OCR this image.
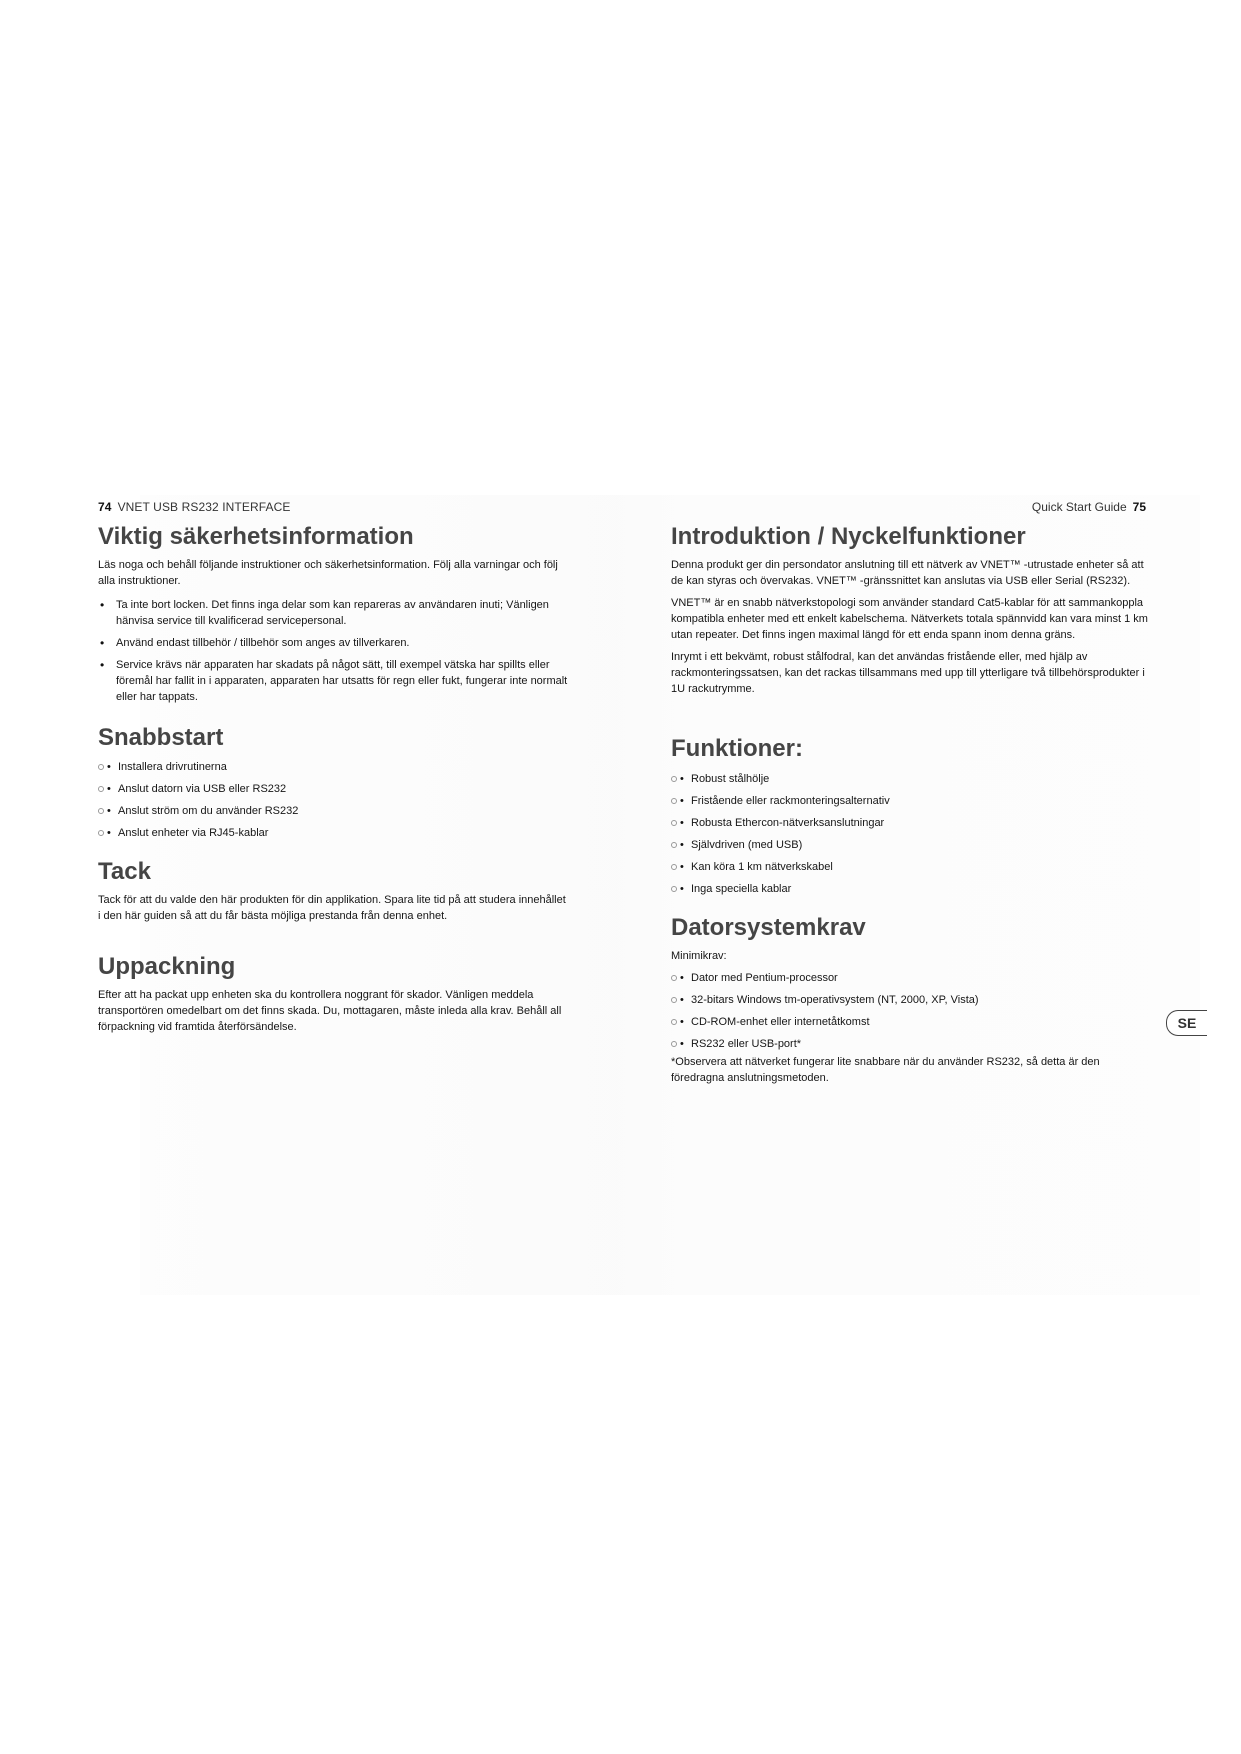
74 VNET USB RS232 INTERFACE	Quick Start Guide 75
Viktig säkerhetsinformation

Läs noga och behåll följande instruktioner och säkerhetsinformation. Följ alla varningar och följ alla instruktioner.

• Ta inte bort locken. Det finns inga delar som kan repareras av användaren inuti; Vänligen hänvisa service till kvalificerad servicepersonal.
• Använd endast tillbehör / tillbehör som anges av tillverkaren.
• Service krävs när apparaten har skadats på något sätt, till exempel vätska har spillts eller föremål har fallit in i apparaten, apparaten har utsatts för regn eller fukt, fungerar inte normalt eller har tappats.
Snabbstart
• Installera drivrutinerna
• Anslut datorn via USB eller RS232
• Anslut ström om du använder RS232
• Anslut enheter via RJ45-kablar
Tack

Tack för att du valde den här produkten för din applikation. Spara lite tid på att studera innehållet i den här guiden så att du får bästa möjliga prestanda från denna enhet.

Uppackning

Efter att ha packat upp enheten ska du kontrollera noggrant för skador. Vänligen meddela transportören omedelbart om det finns skada. Du, mottagaren, måste inleda alla krav. Behåll all förpackning vid framtida återförsändelse.

Introduktion / Nyckelfunktioner

Denna produkt ger din persondator anslutning till ett nätverk av VNET™ -utrustade enheter så att de kan styras och övervakas. VNET™ -gränssnittet kan anslutas via USB eller Serial (RS232).

VNET™ är en snabb nätverkstopologi som använder standard Cat5-kablar för att sammankoppla kompatibla enheter med ett enkelt kabelschema. Nätverkets totala spännvidd kan vara minst 1 km utan repeater. Det finns ingen maximal längd för ett enda spann inom denna gräns.

Inrymt i ett bekvämt, robust stålfodral, kan det användas fristående eller, med hjälp av rackmonteringssatsen, kan det rackas tillsammans med upp till ytterligare två tillbehörsprodukter i 1U rackutrymme.

Funktioner:
• Robust stålhölje
• Fristående eller rackmonteringsalternativ
• Robusta Ethercon-nätverksanslutningar
• Självdriven (med USB)
• Kan köra 1 km nätverkskabel
• Inga speciella kablar
Datorsystemkrav

Minimikrav:

• Dator med Pentium-processor
• 32-bitars Windows tm-operativsystem (NT, 2000, XP, Vista)
• CD-ROM-enhet eller internetåtkomst
• RS232 eller USB-port*

*Observera att nätverket fungerar lite snabbare när du använder RS232, så detta är den föredragna anslutningsmetoden.

SE
